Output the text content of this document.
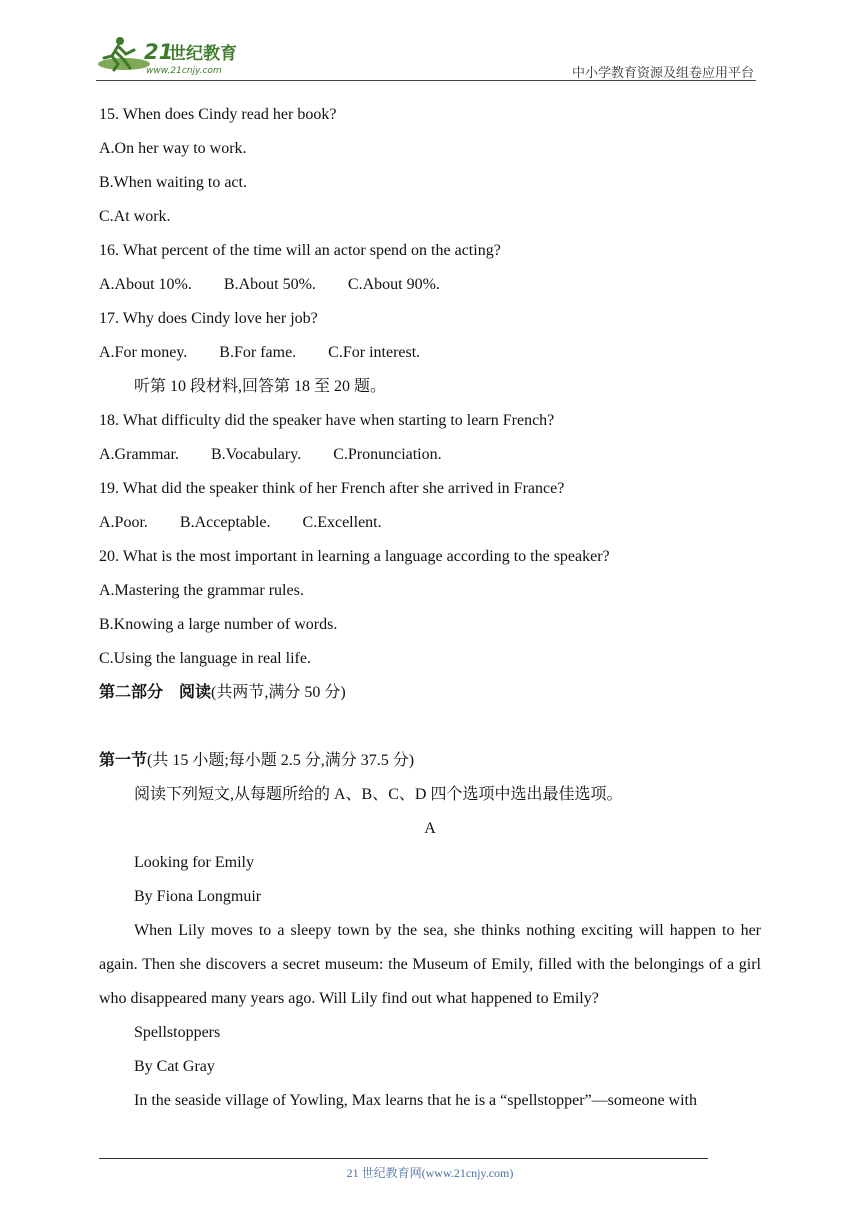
21
世纪教育
www.21cnjy.com	中小学教育资源及组卷应用平台
15. When does Cindy read her book?
A.On her way to work.
B.When waiting to act.
C.At work.
16. What percent of the time will an actor spend on the acting?
A.About 10%. B.About 50%. C.About 90%.
17. Why does Cindy love her job?
A.For money. B.For fame. C.For interest.
听第 10 段材料,回答第 18 至 20 题。
18. What difficulty did the speaker have when starting to learn French?
A.Grammar. B.Vocabulary. C.Pronunciation.
19. What did the speaker think of her French after she arrived in France?
A.Poor. B.Acceptable. C.Excellent.
20. What is the most important in learning a language according to the speaker?
A.Mastering the grammar rules.
B.Knowing a large number of words.
C.Using the language in real life.
第二部分　阅读(共两节,满分 50 分)
第一节(共 15 小题;每小题 2.5 分,满分 37.5 分)
阅读下列短文,从每题所给的 A、B、C、D 四个选项中选出最佳选项。
A
Looking for Emily
By Fiona Longmuir

When Lily moves to a sleepy town by the sea, she thinks nothing exciting will happen to her again. Then she discovers a secret museum: the Museum of Emily, filled with the belongings of a girl who disappeared many years ago. Will Lily find out what happened to Emily?

Spellstoppers
By Cat Gray

In the seaside village of Yowling, Max learns that he is a “spellstopper”—someone with

21 世纪教育网(www.21cnjy.com)
